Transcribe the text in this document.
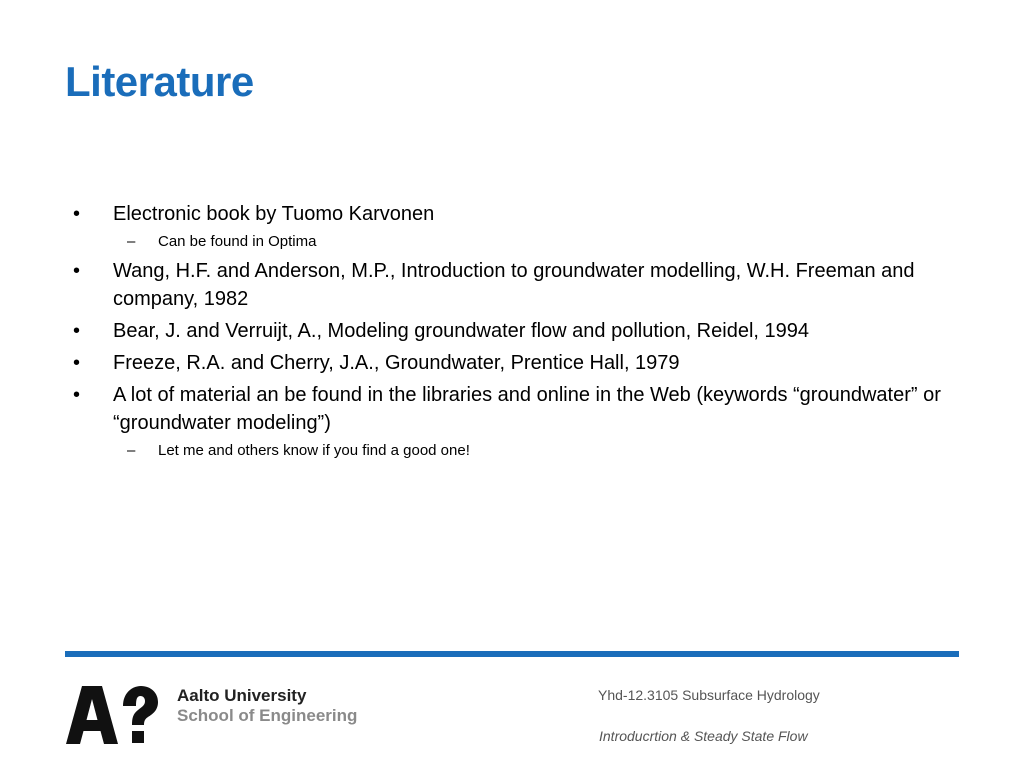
Literature
• Electronic book by Tuomo Karvonen
– Can be found in Optima
• Wang, H.F. and Anderson, M.P., Introduction to groundwater modelling, W.H. Freeman and company, 1982
• Bear, J. and Verruijt, A., Modeling groundwater flow and pollution, Reidel, 1994
• Freeze, R.A. and Cherry, J.A., Groundwater, Prentice Hall, 1979
• A lot of material an be found in the libraries and online in the Web (keywords “groundwater” or “groundwater modeling”)
– Let me and others know if you find a good one!
Aalto University
School of Engineering
Yhd-12.3105 Subsurface Hydrology
Introducrtion & Steady State Flow
